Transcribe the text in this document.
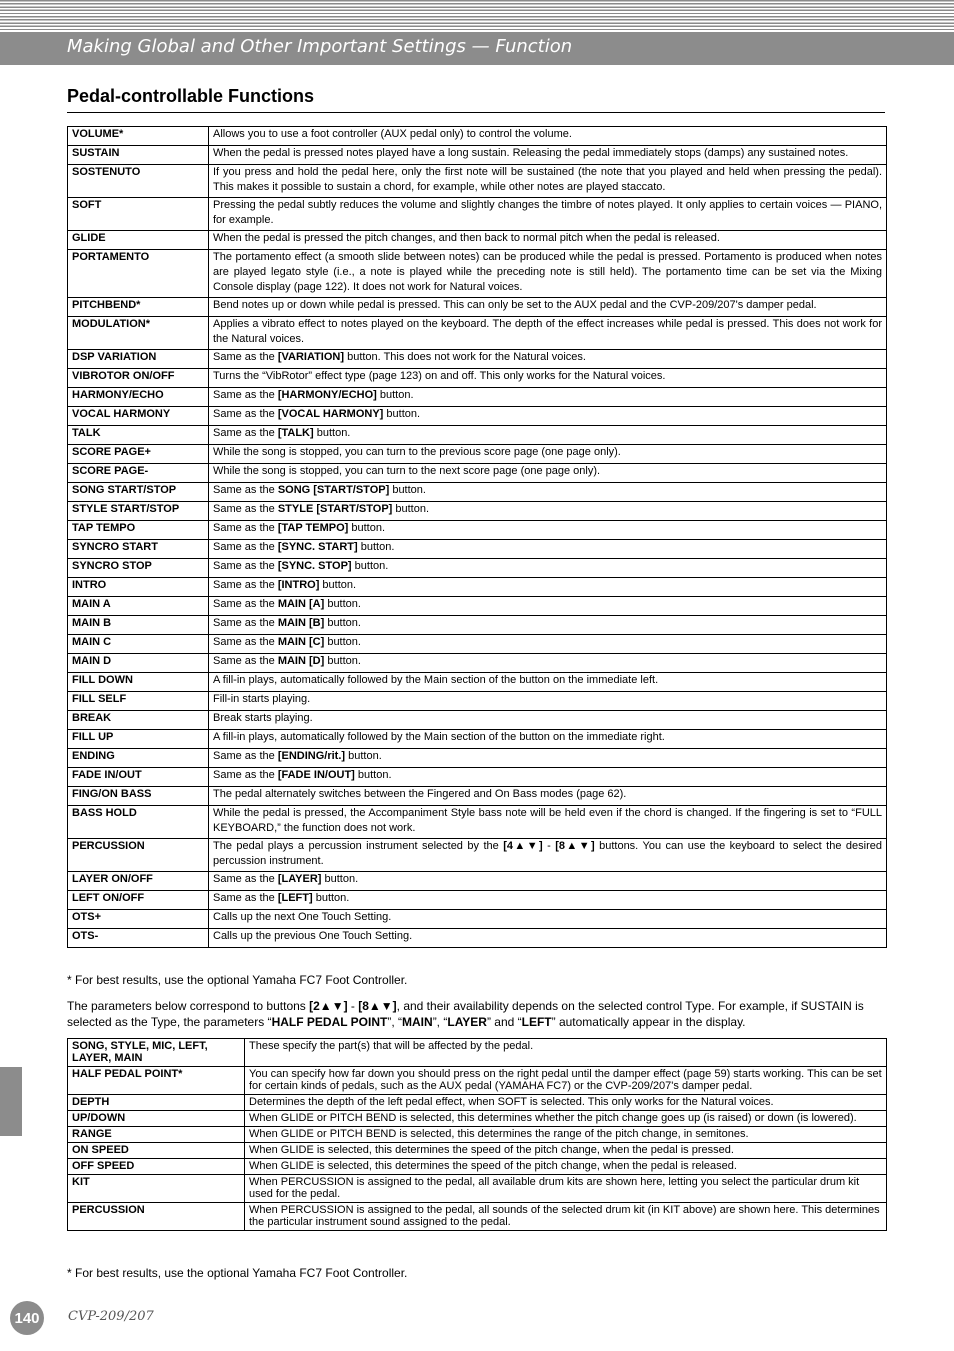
Making Global and Other Important Settings — Function
Pedal-controllable Functions
VOLUME*	Allows you to use a foot controller (AUX pedal only) to control the volume.
SUSTAIN	When the pedal is pressed notes played have a long sustain. Releasing the pedal immediately stops (damps) any sustained notes.
SOSTENUTO	If you press and hold the pedal here, only the first note will be sustained (the note that you played and held when pressing the pedal). This makes it possible to sustain a chord, for example, while other notes are played staccato.
SOFT	Pressing the pedal subtly reduces the volume and slightly changes the timbre of notes played. It only applies to certain voices — PIANO, for example.
GLIDE	When the pedal is pressed the pitch changes, and then back to normal pitch when the pedal is released.
PORTAMENTO	The portamento effect (a smooth slide between notes) can be produced while the pedal is pressed. Portamento is produced when notes are played legato style (i.e., a note is played while the preceding note is still held). The portamento time can be set via the Mixing Console display (page 122). It does not work for Natural voices.
PITCHBEND*	Bend notes up or down while pedal is pressed. This can only be set to the AUX pedal and the CVP-209/207's damper pedal.
MODULATION*	Applies a vibrato effect to notes played on the keyboard. The depth of the effect increases while pedal is pressed. This does not work for the Natural voices.
DSP VARIATION	Same as the [VARIATION] button. This does not work for the Natural voices.
VIBROTOR ON/OFF	Turns the “VibRotor” effect type (page 123) on and off. This only works for the Natural voices.
HARMONY/ECHO	Same as the [HARMONY/ECHO] button.
VOCAL HARMONY	Same as the [VOCAL HARMONY] button.
TALK	Same as the [TALK] button.
SCORE PAGE+	While the song is stopped, you can turn to the previous score page (one page only).
SCORE PAGE-	While the song is stopped, you can turn to the next score page (one page only).
SONG START/STOP	Same as the SONG [START/STOP] button.
STYLE START/STOP	Same as the STYLE [START/STOP] button.
TAP TEMPO	Same as the [TAP TEMPO] button.
SYNCRO START	Same as the [SYNC. START] button.
SYNCRO STOP	Same as the [SYNC. STOP] button.
INTRO	Same as the [INTRO] button.
MAIN A	Same as the MAIN [A] button.
MAIN B	Same as the MAIN [B] button.
MAIN C	Same as the MAIN [C] button.
MAIN D	Same as the MAIN [D] button.
FILL DOWN	A fill-in plays, automatically followed by the Main section of the button on the immediate left.
FILL SELF	Fill-in starts playing.
BREAK	Break starts playing.
FILL UP	A fill-in plays, automatically followed by the Main section of the button on the immediate right.
ENDING	Same as the [ENDING/rit.] button.
FADE IN/OUT	Same as the [FADE IN/OUT] button.
FING/ON BASS	The pedal alternately switches between the Fingered and On Bass modes (page 62).
BASS HOLD	While the pedal is pressed, the Accompaniment Style bass note will be held even if the chord is changed. If the fingering is set to “FULL KEYBOARD,” the function does not work.
PERCUSSION	The pedal plays a percussion instrument selected by the [4▲▼] - [8▲▼] buttons. You can use the keyboard to select the desired percussion instrument.
LAYER ON/OFF	Same as the [LAYER] button.
LEFT ON/OFF	Same as the [LEFT] button.
OTS+	Calls up the next One Touch Setting.
OTS-	Calls up the previous One Touch Setting.
* For best results, use the optional Yamaha FC7 Foot Controller.
The parameters below correspond to buttons [2▲▼] - [8▲▼], and their availability depends on the selected control Type. For example, if SUSTAIN is selected as the Type, the parameters “HALF PEDAL POINT”, “MAIN”, “LAYER” and “LEFT” automatically appear in the display.
SONG, STYLE, MIC, LEFT, LAYER, MAIN	These specify the part(s) that will be affected by the pedal.
HALF PEDAL POINT*	You can specify how far down you should press on the right pedal until the damper effect (page 59) starts working. This can be set for certain kinds of pedals, such as the AUX pedal (YAMAHA FC7) or the CVP-209/207's damper pedal.
DEPTH	Determines the depth of the left pedal effect, when SOFT is selected. This only works for the Natural voices.
UP/DOWN	When GLIDE or PITCH BEND is selected, this determines whether the pitch change goes up (is raised) or down (is lowered).
RANGE	When GLIDE or PITCH BEND is selected, this determines the range of the pitch change, in semitones.
ON SPEED	When GLIDE is selected, this determines the speed of the pitch change, when the pedal is pressed.
OFF SPEED	When GLIDE is selected, this determines the speed of the pitch change, when the pedal is released.
KIT	When PERCUSSION is assigned to the pedal, all available drum kits are shown here, letting you select the particular drum kit used for the pedal.
PERCUSSION	When PERCUSSION is assigned to the pedal, all sounds of the selected drum kit (in KIT above) are shown here. This determines the particular instrument sound assigned to the pedal.
* For best results, use the optional Yamaha FC7 Foot Controller.
140	CVP-209/207
